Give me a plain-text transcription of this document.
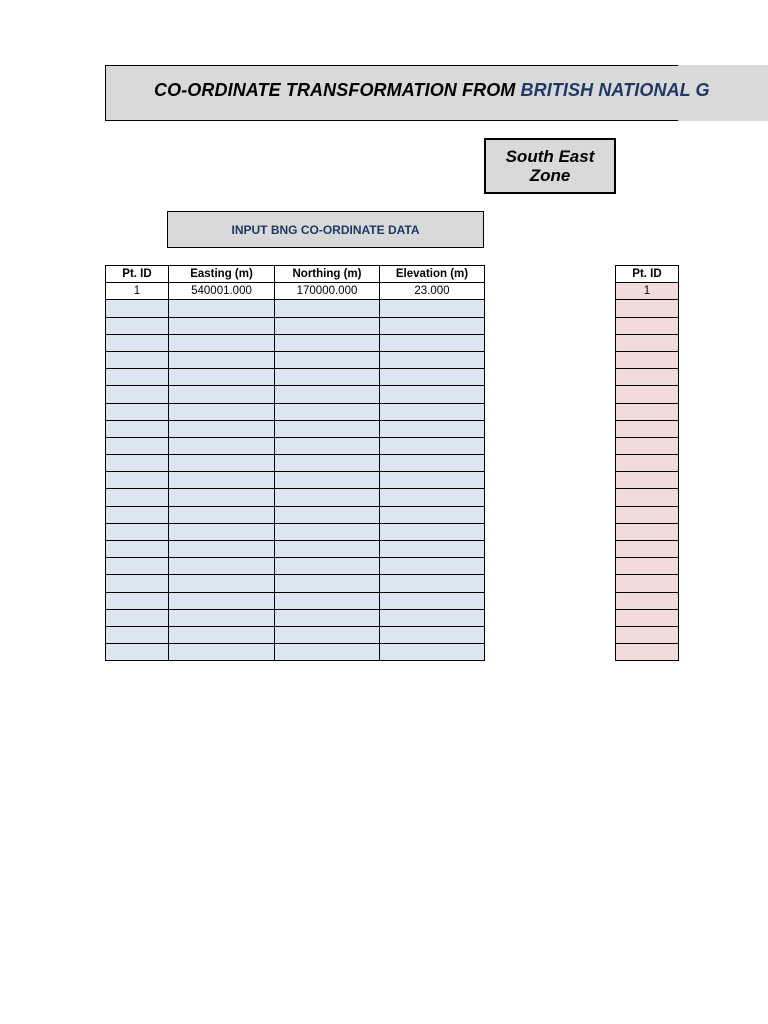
CO-ORDINATE TRANSFORMATION FROM BRITISH NATIONAL G
South East
Zone
INPUT BNG CO-ORDINATE DATA
Pt. ID	Easting (m)	Northing (m)	Elevation (m)
1	540001.000	170000.000	23.000

Pt. ID
1
